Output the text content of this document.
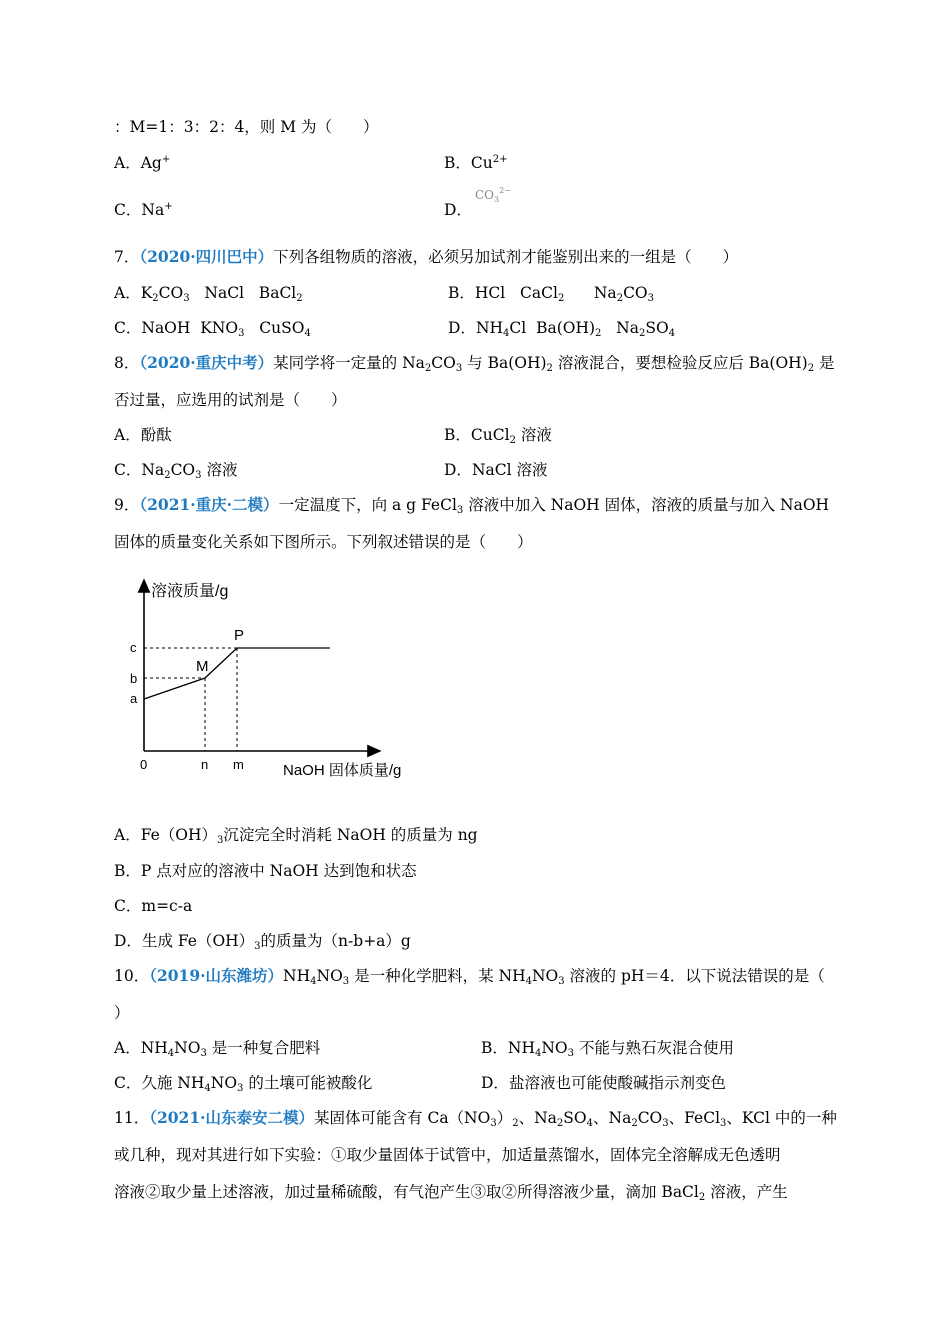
：M=1：3：2：4，则 M 为（　　）
A．Ag+	B．$Cu^{2+}$
C．Na+	D．
$CO_3^{2-}$
7．（2020·四川巴中）下列各组物质的溶液，必须另加试剂才能鉴别出来的一组是（　　）
A．$K_2CO_3$   NaCl   BaCl$_2$	B．HCl   CaCl$_2$      $Na_2CO_3$
C．NaOH  $KNO_3$   CuSO$_4$	D．$NH_4Cl$  $Ba(OH)_2$   $Na_2SO_4$
8．（2020·重庆中考）某同学将一定量的 $Na_2CO_3$ 与 $Ba(OH)_2$ 溶液混合，要想检验反应后 $Ba(OH)_2$ 是
否过量，应选用的试剂是（　　）
A．酚酞	B．CuCl$_2$ 溶液
C．$Na_2CO_3$ 溶液	D．NaCl 溶液
9．（2021·重庆·二模）一定温度下，向 a g FeCl$_3$ 溶液中加入 NaOH 固体，溶液的质量与加入 NaOH
固体的质量变化关系如下图所示。下列叙述错误的是（　　）
溶液质量/g
NaOH 固体质量/g
0	n m
a
b
c
M
P
A．$Fe(OH)_3$沉淀完全时消耗 NaOH 的质量为 ng
B．P 点对应的溶液中 NaOH 达到饱和状态
C．m=c-a
D．生成 $Fe(OH)_3$的质量为（n-b+a）g
10．（2019·山东潍坊）$NH_4NO_3$ 是一种化学肥料，某 $NH_4NO_3$ 溶液的 pH＝4．以下说法错误的是（
）
A．$NH_4NO_3$ 是一种复合肥料	B．$NH_4NO_3$ 不能与熟石灰混合使用
C．久施 $NH_4NO_3$ 的土壤可能被酸化	D．盐溶液也可能使酸碱指示剂变色
11．（2021·山东泰安二模）某固体可能含有 $Ca(NO_3)_2$、$Na_2SO_4$、$Na_2CO_3$、FeCl$_3$、KCl 中的一种
或几种，现对其进行如下实验：①取少量固体于试管中，加适量蒸馏水，固体完全溶解成无色透明
溶液②取少量上述溶液，加过量稀硫酸，有气泡产生③取②所得溶液少量，滴加 BaCl$_2$ 溶液，产生
